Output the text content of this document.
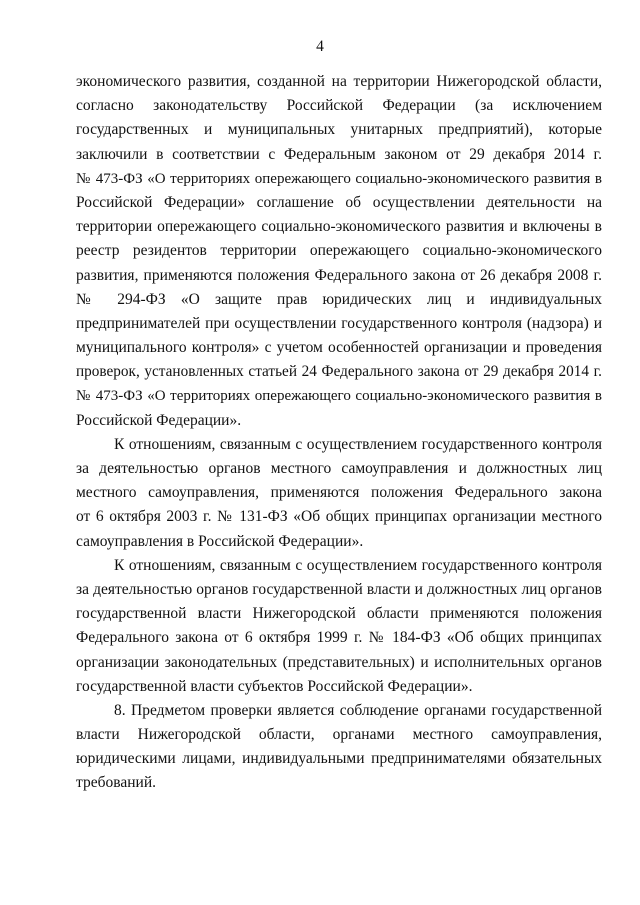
4

экономического развития, созданной на территории Нижегородской области,
согласно законодательству Российской Федерации (за исключением
государственных и муниципальных унитарных предприятий), которые
заключили в соответствии с Федеральным законом от 29 декабря 2014 г.
№ 473-ФЗ «О территориях опережающего социально-экономического развития в
Российской Федерации» соглашение об осуществлении деятельности на
территории опережающего социально-экономического развития и включены в
реестр резидентов территории опережающего социально-экономического
развития, применяются положения Федерального закона от 26 декабря 2008 г.
№ 294-ФЗ «О защите прав юридических лиц и индивидуальных
предпринимателей при осуществлении государственного контроля (надзора) и
муниципального контроля» с учетом особенностей организации и проведения
проверок, установленных статьей 24 Федерального закона от 29 декабря 2014 г.
№ 473-ФЗ «О территориях опережающего социально-экономического развития в
Российской Федерации».

К отношениям, связанным с осуществлением государственного контроля
за деятельностью органов местного самоуправления и должностных лиц
местного самоуправления, применяются положения Федерального закона
от 6 октября 2003 г. № 131-ФЗ «Об общих принципах организации местного
самоуправления в Российской Федерации».

К отношениям, связанным с осуществлением государственного контроля
за деятельностью органов государственной власти и должностных лиц органов
государственной власти Нижегородской области применяются положения
Федерального закона от 6 октября 1999 г. № 184-ФЗ «Об общих принципах
организации законодательных (представительных) и исполнительных органов
государственной власти субъектов Российской Федерации».

8. Предметом проверки является соблюдение органами государственной
власти Нижегородской области, органами местного самоуправления,
юридическими лицами, индивидуальными предпринимателями обязательных
требований.
